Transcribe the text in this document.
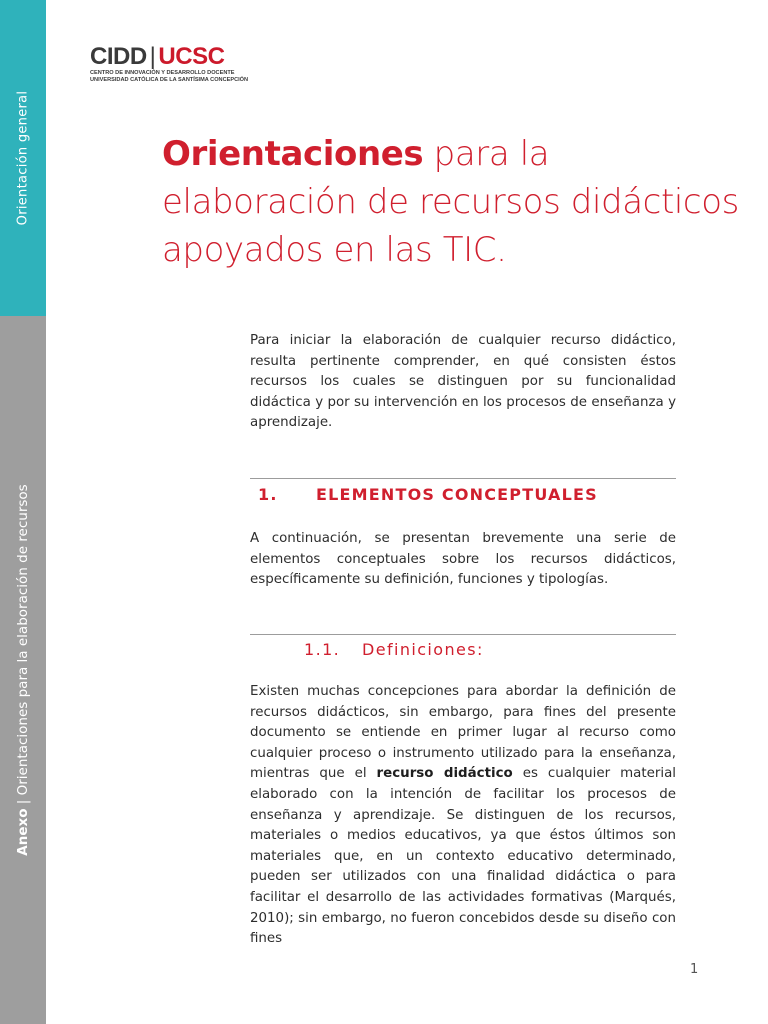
Orientación general
Anexo | Orientaciones para la elaboración de recursos
CIDD | UCSC
CENTRO DE INNOVACIÓN Y DESARROLLO DOCENTE
UNIVERSIDAD CATÓLICA DE LA SANTÍSIMA CONCEPCIÓN
Orientaciones para la elaboración de recursos didácticos apoyados en las TIC.
Para iniciar la elaboración de cualquier recurso didáctico, resulta pertinente comprender, en qué consisten éstos recursos los cuales se distinguen por su funcionalidad didáctica y por su intervención en los procesos de enseñanza y aprendizaje.
1. ELEMENTOS CONCEPTUALES
A continuación, se presentan brevemente una serie de elementos conceptuales sobre los recursos didácticos, específicamente su definición, funciones y tipologías.
1.1. Definiciones:
Existen muchas concepciones para abordar la definición de recursos didácticos, sin embargo, para fines del presente documento se entiende en primer lugar al recurso como cualquier proceso o instrumento utilizado para la enseñanza, mientras que el recurso didáctico es cualquier material elaborado con la intención de facilitar los procesos de enseñanza y aprendizaje. Se distinguen de los recursos, materiales o medios educativos, ya que éstos últimos son materiales que, en un contexto educativo determinado, pueden ser utilizados con una finalidad didáctica o para facilitar el desarrollo de las actividades formativas (Marqués, 2010); sin embargo, no fueron concebidos desde su diseño con fines
1
